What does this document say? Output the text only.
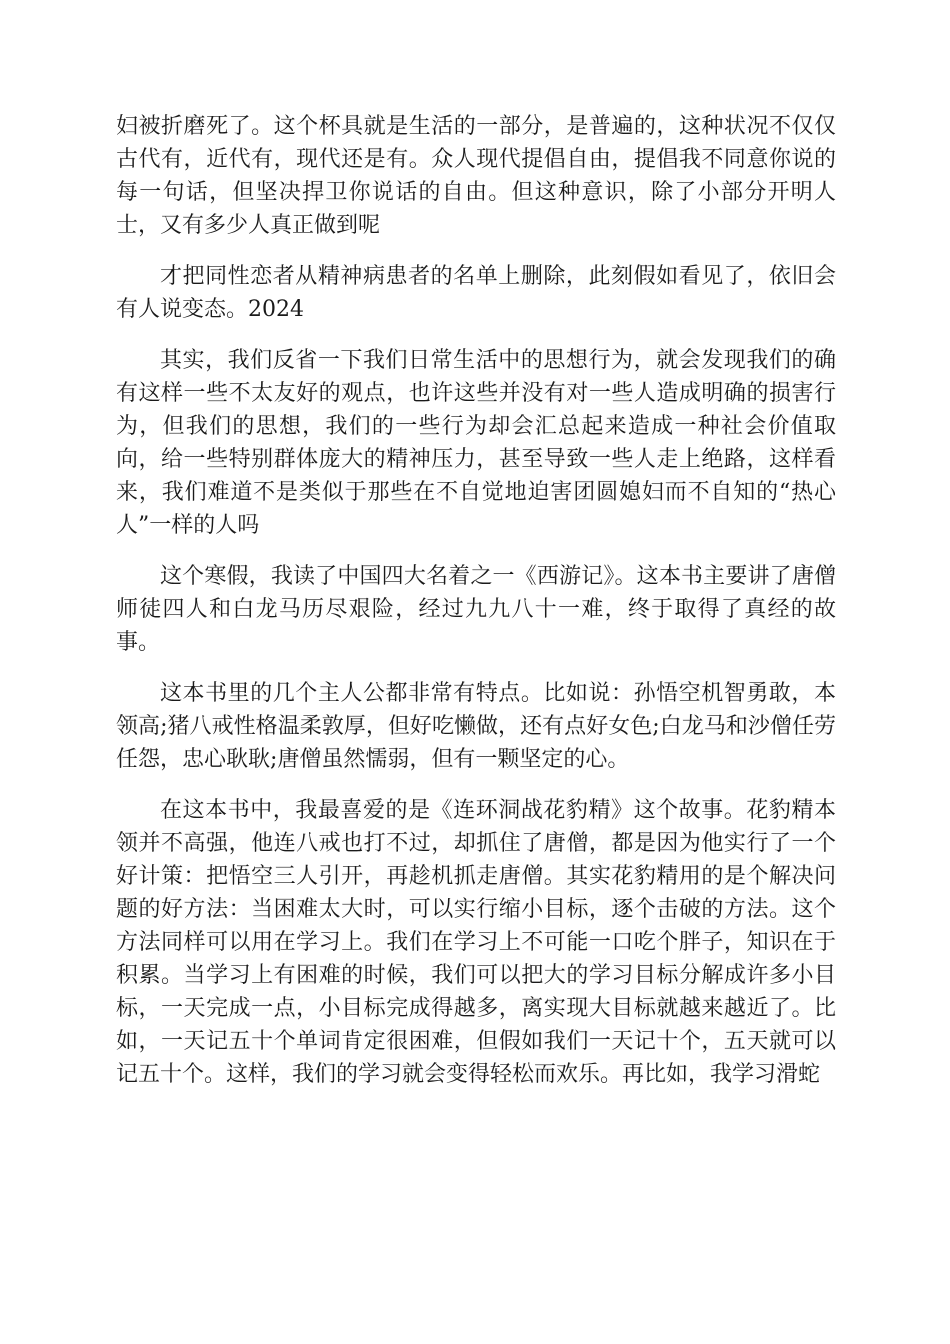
妇被折磨死了。这个杯具就是生活的一部分，是普遍的，这种状况不仅仅古代有，近代有，现代还是有。众人现代提倡自由，提倡我不同意你说的每一句话，但坚决捍卫你说话的自由。但这种意识，除了小部分开明人士，又有多少人真正做到呢

才把同性恋者从精神病患者的名单上删除，此刻假如看见了，依旧会有人说变态。2024

其实，我们反省一下我们日常生活中的思想行为，就会发现我们的确有这样一些不太友好的观点，也许这些并没有对一些人造成明确的损害行为，但我们的思想，我们的一些行为却会汇总起来造成一种社会价值取向，给一些特别群体庞大的精神压力，甚至导致一些人走上绝路，这样看来，我们难道不是类似于那些在不自觉地迫害团圆媳妇而不自知的“热心人”一样的人吗

这个寒假，我读了中国四大名着之一《西游记》。这本书主要讲了唐僧师徒四人和白龙马历尽艰险，经过九九八十一难，终于取得了真经的故事。

这本书里的几个主人公都非常有特点。比如说：孙悟空机智勇敢，本领高;猪八戒性格温柔敦厚，但好吃懒做，还有点好女色;白龙马和沙僧任劳任怨，忠心耿耿;唐僧虽然懦弱，但有一颗坚定的心。

在这本书中，我最喜爱的是《连环洞战花豹精》这个故事。花豹精本领并不高强，他连八戒也打不过，却抓住了唐僧，都是因为他实行了一个好计策：把悟空三人引开，再趁机抓走唐僧。其实花豹精用的是个解决问题的好方法：当困难太大时，可以实行缩小目标，逐个击破的方法。这个方法同样可以用在学习上。我们在学习上不可能一口吃个胖子，知识在于积累。当学习上有困难的时候，我们可以把大的学习目标分解成许多小目标，一天完成一点，小目标完成得越多，离实现大目标就越来越近了。比如，一天记五十个单词肯定很困难，但假如我们一天记十个，五天就可以记五十个。这样，我们的学习就会变得轻松而欢乐。再比如，我学习滑蛇
